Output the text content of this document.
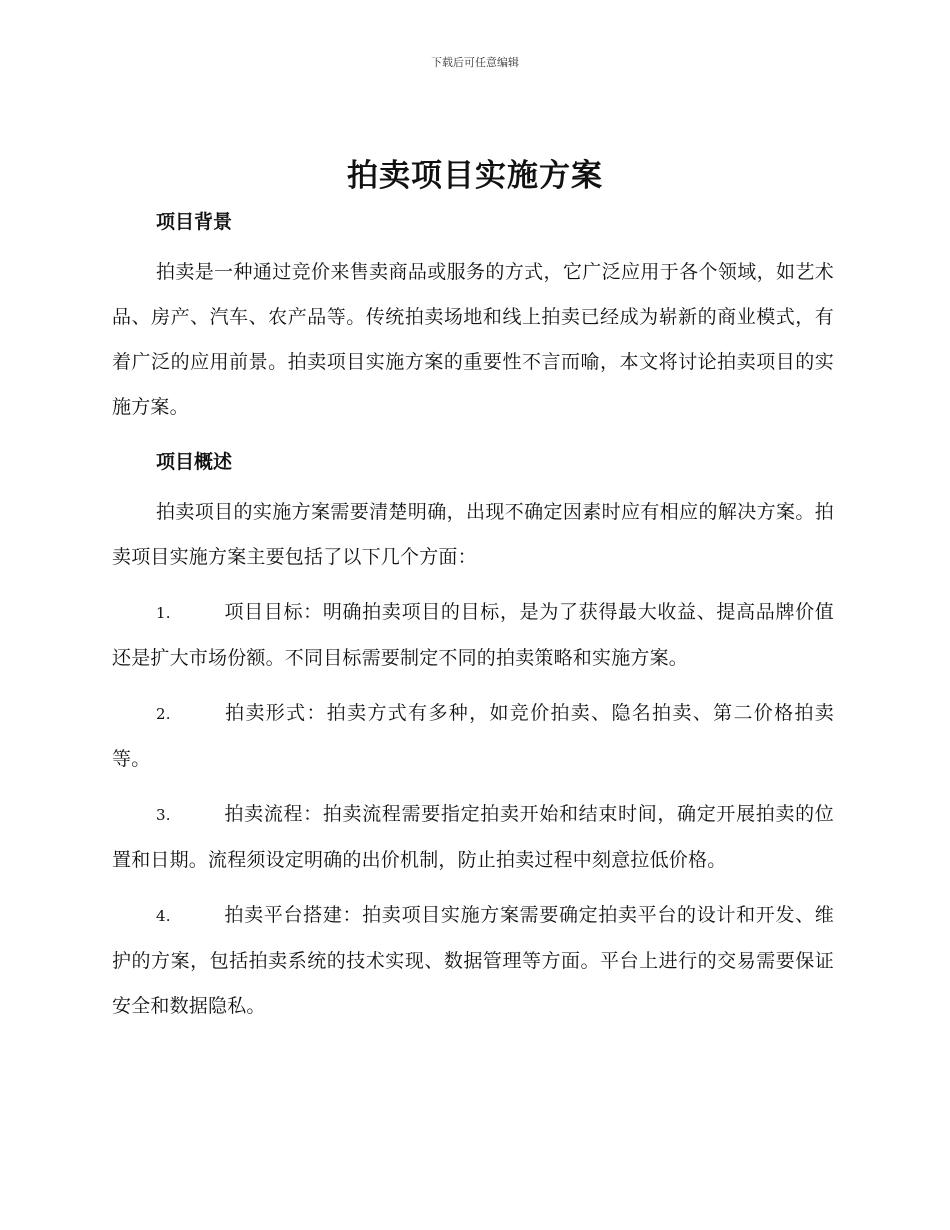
下载后可任意编辑
拍卖项目实施方案
项目背景

拍卖是一种通过竞价来售卖商品或服务的方式，它广泛应用于各个领域，如艺术品、房产、汽车、农产品等。传统拍卖场地和线上拍卖已经成为崭新的商业模式，有着广泛的应用前景。拍卖项目实施方案的重要性不言而喻，本文将讨论拍卖项目的实施方案。

项目概述

拍卖项目的实施方案需要清楚明确，出现不确定因素时应有相应的解决方案。拍卖项目实施方案主要包括了以下几个方面：

1.	项目目标：明确拍卖项目的目标，是为了获得最大收益、提高品牌价值还是扩大市场份额。不同目标需要制定不同的拍卖策略和实施方案。

2.	拍卖形式：拍卖方式有多种，如竞价拍卖、隐名拍卖、第二价格拍卖等。

3.	拍卖流程：拍卖流程需要指定拍卖开始和结束时间，确定开展拍卖的位置和日期。流程须设定明确的出价机制，防止拍卖过程中刻意拉低价格。

4.	拍卖平台搭建：拍卖项目实施方案需要确定拍卖平台的设计和开发、维护的方案，包括拍卖系统的技术实现、数据管理等方面。平台上进行的交易需要保证安全和数据隐私。
